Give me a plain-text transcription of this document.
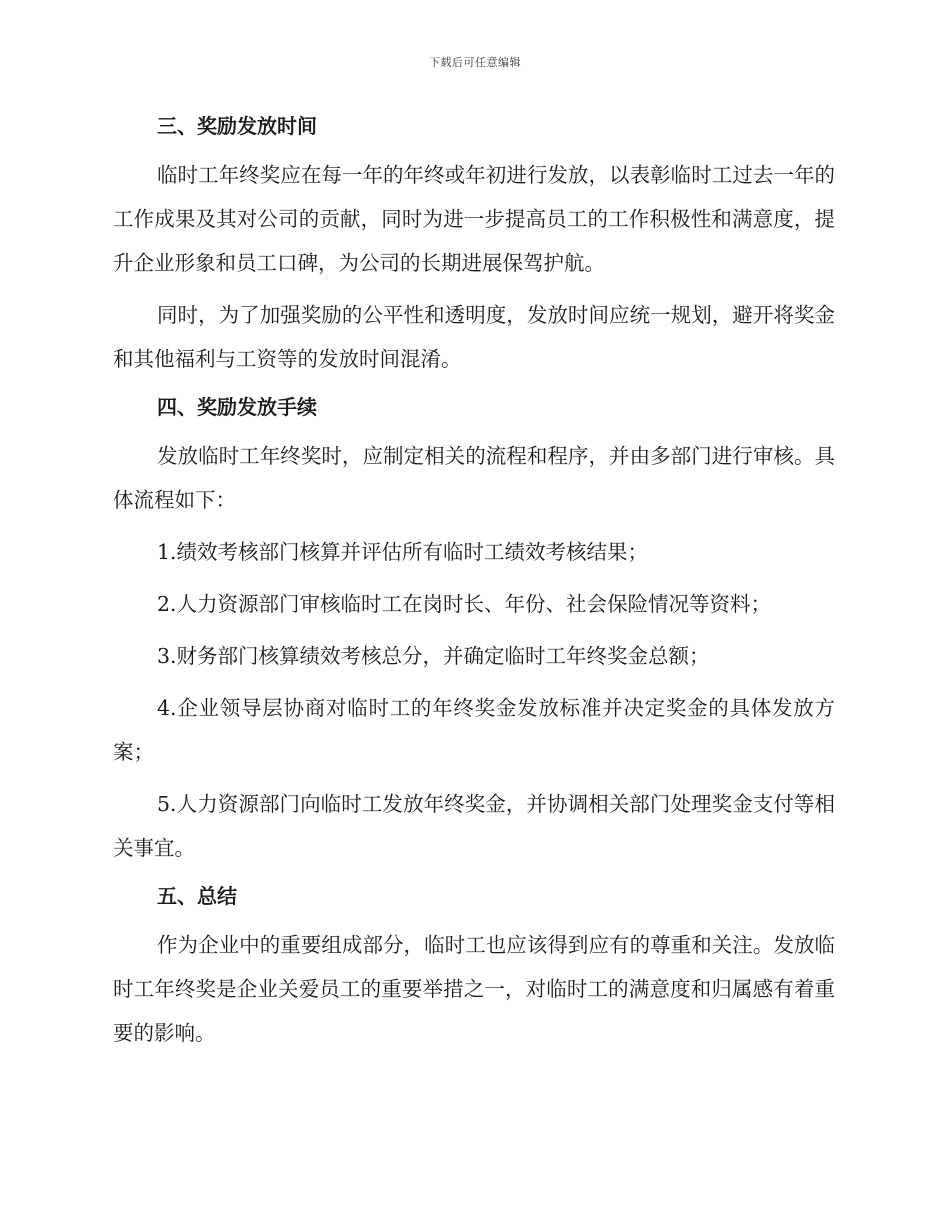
下载后可任意编辑
三、奖励发放时间

临时工年终奖应在每一年的年终或年初进行发放，以表彰临时工过去一年的工作成果及其对公司的贡献，同时为进一步提高员工的工作积极性和满意度，提升企业形象和员工口碑，为公司的长期进展保驾护航。

同时，为了加强奖励的公平性和透明度，发放时间应统一规划，避开将奖金和其他福利与工资等的发放时间混淆。

四、奖励发放手续

发放临时工年终奖时，应制定相关的流程和程序，并由多部门进行审核。具体流程如下：

1.绩效考核部门核算并评估所有临时工绩效考核结果；

2.人力资源部门审核临时工在岗时长、年份、社会保险情况等资料；

3.财务部门核算绩效考核总分，并确定临时工年终奖金总额；

4.企业领导层协商对临时工的年终奖金发放标准并决定奖金的具体发放方案；

5.人力资源部门向临时工发放年终奖金，并协调相关部门处理奖金支付等相关事宜。

五、总结

作为企业中的重要组成部分，临时工也应该得到应有的尊重和关注。发放临时工年终奖是企业关爱员工的重要举措之一，对临时工的满意度和归属感有着重要的影响。
